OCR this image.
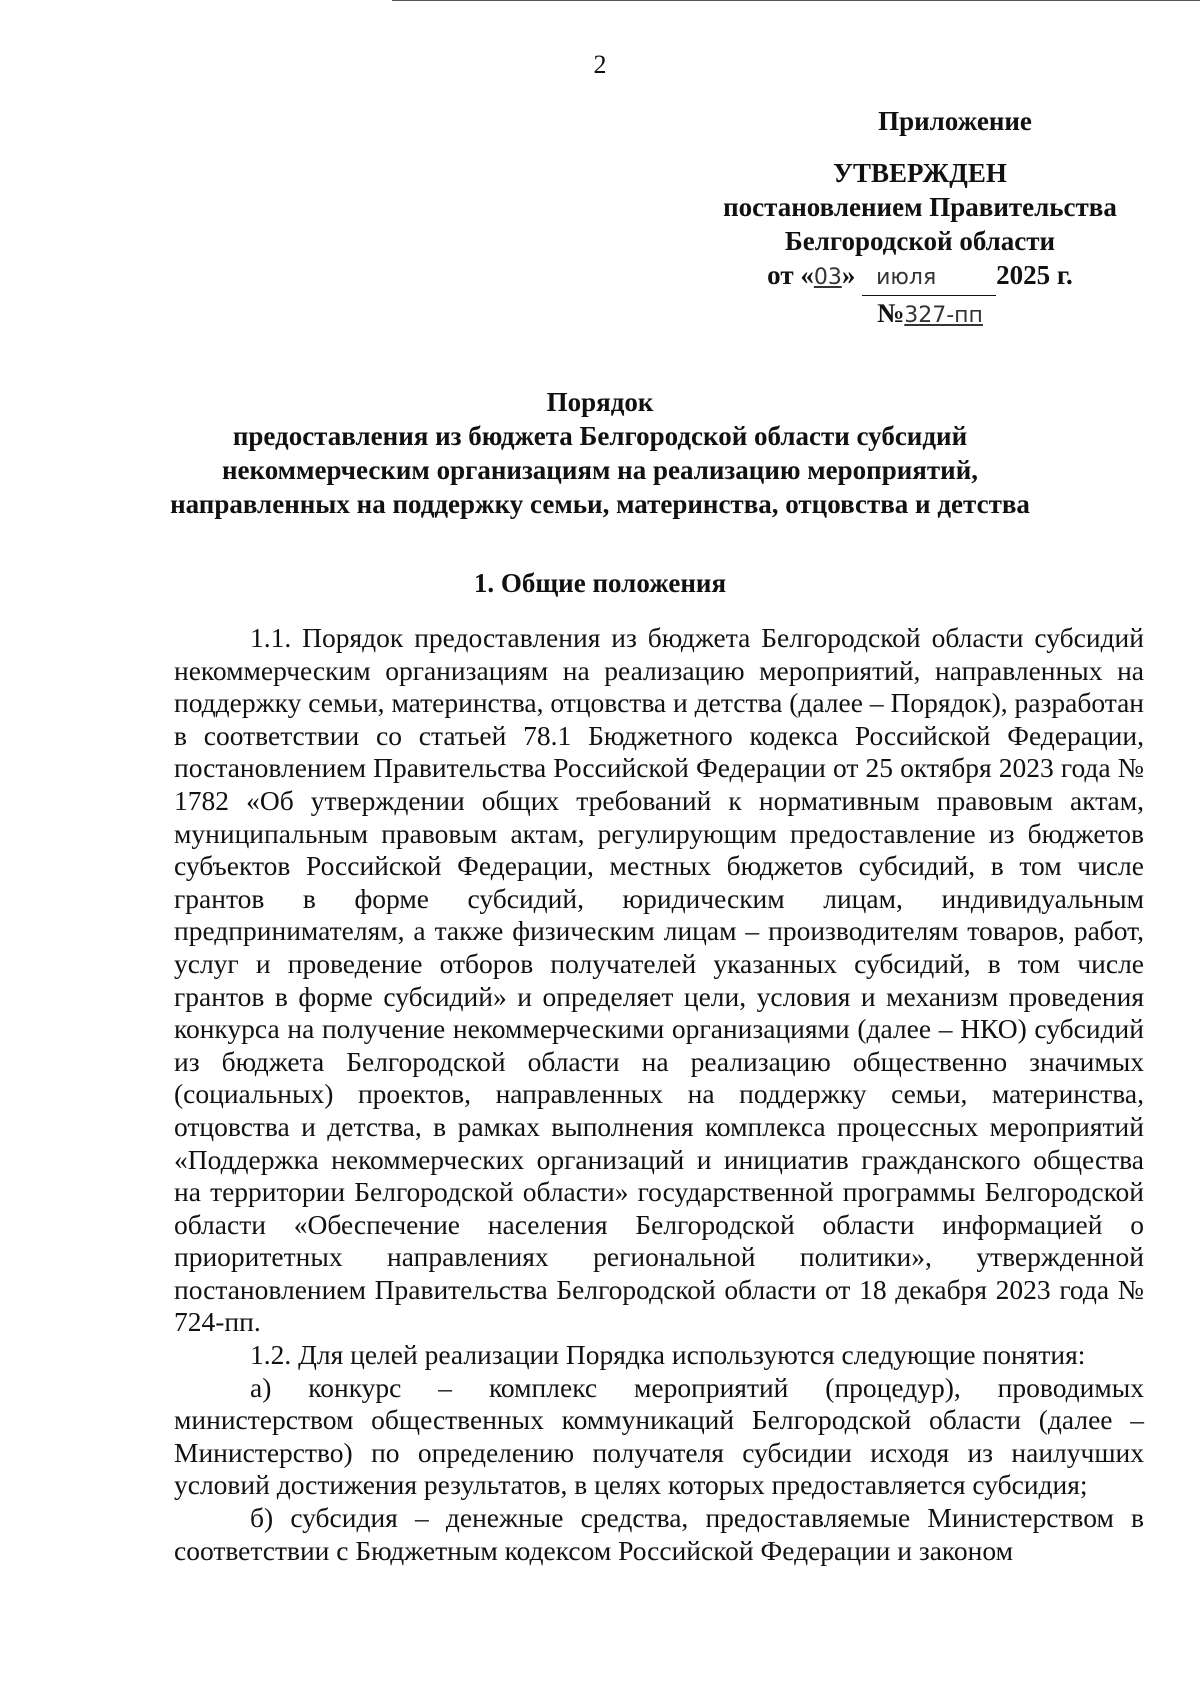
2
Приложение
УТВЕРЖДЕН
постановлением Правительства
Белгородской области
от «03» июля 2025 г.
№327-пп
Порядок
предоставления из бюджета Белгородской области субсидий
некоммерческим организациям на реализацию мероприятий,
направленных на поддержку семьи, материнства, отцовства и детства
1. Общие положения

1.1. Порядок предоставления из бюджета Белгородской области субсидий некоммерческим организациям на реализацию мероприятий, направленных на поддержку семьи, материнства, отцовства и детства (далее – Порядок), разработан в соответствии со статьей 78.1 Бюджетного кодекса Российской Федерации, постановлением Правительства Российской Федерации от 25 октября 2023 года № 1782 «Об утверждении общих требований к нормативным правовым актам, муниципальным правовым актам, регулирующим предоставление из бюджетов субъектов Российской Федерации, местных бюджетов субсидий, в том числе грантов в форме субсидий, юридическим лицам, индивидуальным предпринимателям, а также физическим лицам – производителям товаров, работ, услуг и проведение отборов получателей указанных субсидий, в том числе грантов в форме субсидий» и определяет цели, условия и механизм проведения конкурса на получение некоммерческими организациями (далее – НКО) субсидий из бюджета Белгородской области на реализацию общественно значимых (социальных) проектов, направленных на поддержку семьи, материнства, отцовства и детства, в рамках выполнения комплекса процессных мероприятий «Поддержка некоммерческих организаций и инициатив гражданского общества на территории Белгородской области» государственной программы Белгородской области «Обеспечение населения Белгородской области информацией о приоритетных направлениях региональной политики», утвержденной постановлением Правительства Белгородской области от 18 декабря 2023 года № 724-пп.

1.2. Для целей реализации Порядка используются следующие понятия:

а) конкурс – комплекс мероприятий (процедур), проводимых министерством общественных коммуникаций Белгородской области (далее – Министерство) по определению получателя субсидии исходя из наилучших условий достижения результатов, в целях которых предоставляется субсидия;

б) субсидия – денежные средства, предоставляемые Министерством в соответствии с Бюджетным кодексом Российской Федерации и законом
